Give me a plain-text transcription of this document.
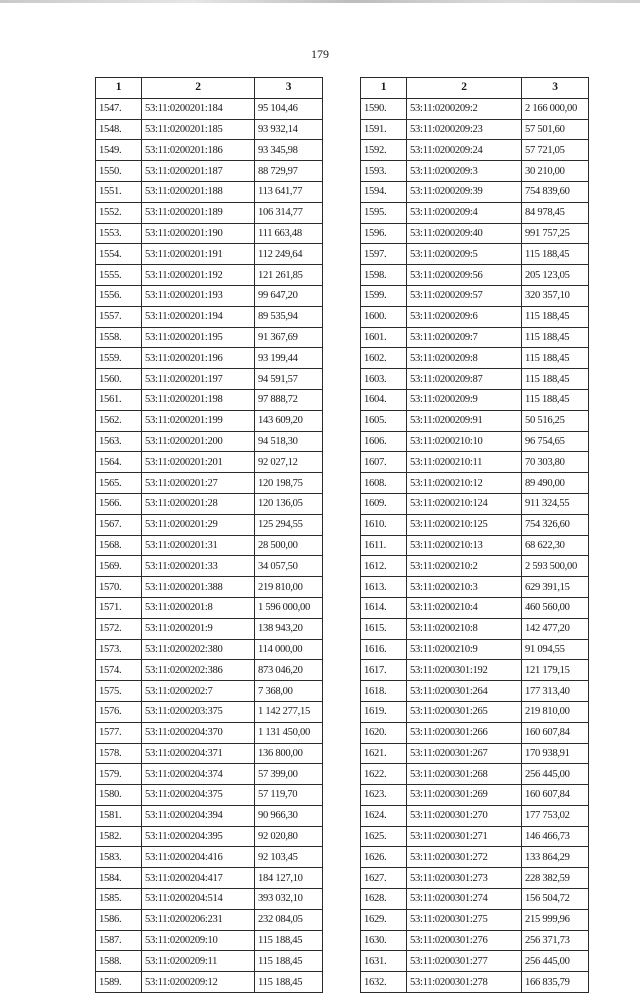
179
1	2	3
1547.	53:11:0200201:184	95 104,46
1548.	53:11:0200201:185	93 932,14
1549.	53:11:0200201:186	93 345,98
1550.	53:11:0200201:187	88 729,97
1551.	53:11:0200201:188	113 641,77
1552.	53:11:0200201:189	106 314,77
1553.	53:11:0200201:190	111 663,48
1554.	53:11:0200201:191	112 249,64
1555.	53:11:0200201:192	121 261,85
1556.	53:11:0200201:193	99 647,20
1557.	53:11:0200201:194	89 535,94
1558.	53:11:0200201:195	91 367,69
1559.	53:11:0200201:196	93 199,44
1560.	53:11:0200201:197	94 591,57
1561.	53:11:0200201:198	97 888,72
1562.	53:11:0200201:199	143 609,20
1563.	53:11:0200201:200	94 518,30
1564.	53:11:0200201:201	92 027,12
1565.	53:11:0200201:27	120 198,75
1566.	53:11:0200201:28	120 136,05
1567.	53:11:0200201:29	125 294,55
1568.	53:11:0200201:31	28 500,00
1569.	53:11:0200201:33	34 057,50
1570.	53:11:0200201:388	219 810,00
1571.	53:11:0200201:8	1 596 000,00
1572.	53:11:0200201:9	138 943,20
1573.	53:11:0200202:380	114 000,00
1574.	53:11:0200202:386	873 046,20
1575.	53:11:0200202:7	7 368,00
1576.	53:11:0200203:375	1 142 277,15
1577.	53:11:0200204:370	1 131 450,00
1578.	53:11:0200204:371	136 800,00
1579.	53:11:0200204:374	57 399,00
1580.	53:11:0200204:375	57 119,70
1581.	53:11:0200204:394	90 966,30
1582.	53:11:0200204:395	92 020,80
1583.	53:11:0200204:416	92 103,45
1584.	53:11:0200204:417	184 127,10
1585.	53:11:0200204:514	393 032,10
1586.	53:11:0200206:231	232 084,05
1587.	53:11:0200209:10	115 188,45
1588.	53:11:0200209:11	115 188,45
1589.	53:11:0200209:12	115 188,45
1	2	3
1590.	53:11:0200209:2	2 166 000,00
1591.	53:11:0200209:23	57 501,60
1592.	53:11:0200209:24	57 721,05
1593.	53:11:0200209:3	30 210,00
1594.	53:11:0200209:39	754 839,60
1595.	53:11:0200209:4	84 978,45
1596.	53:11:0200209:40	991 757,25
1597.	53:11:0200209:5	115 188,45
1598.	53:11:0200209:56	205 123,05
1599.	53:11:0200209:57	320 357,10
1600.	53:11:0200209:6	115 188,45
1601.	53:11:0200209:7	115 188,45
1602.	53:11:0200209:8	115 188,45
1603.	53:11:0200209:87	115 188,45
1604.	53:11:0200209:9	115 188,45
1605.	53:11:0200209:91	50 516,25
1606.	53:11:0200210:10	96 754,65
1607.	53:11:0200210:11	70 303,80
1608.	53:11:0200210:12	89 490,00
1609.	53:11:0200210:124	911 324,55
1610.	53:11:0200210:125	754 326,60
1611.	53:11:0200210:13	68 622,30
1612.	53:11:0200210:2	2 593 500,00
1613.	53:11:0200210:3	629 391,15
1614.	53:11:0200210:4	460 560,00
1615.	53:11:0200210:8	142 477,20
1616.	53:11:0200210:9	91 094,55
1617.	53:11:0200301:192	121 179,15
1618.	53:11:0200301:264	177 313,40
1619.	53:11:0200301:265	219 810,00
1620.	53:11:0200301:266	160 607,84
1621.	53:11:0200301:267	170 938,91
1622.	53:11:0200301:268	256 445,00
1623.	53:11:0200301:269	160 607,84
1624.	53:11:0200301:270	177 753,02
1625.	53:11:0200301:271	146 466,73
1626.	53:11:0200301:272	133 864,29
1627.	53:11:0200301:273	228 382,59
1628.	53:11:0200301:274	156 504,72
1629.	53:11:0200301:275	215 999,96
1630.	53:11:0200301:276	256 371,73
1631.	53:11:0200301:277	256 445,00
1632.	53:11:0200301:278	166 835,79
